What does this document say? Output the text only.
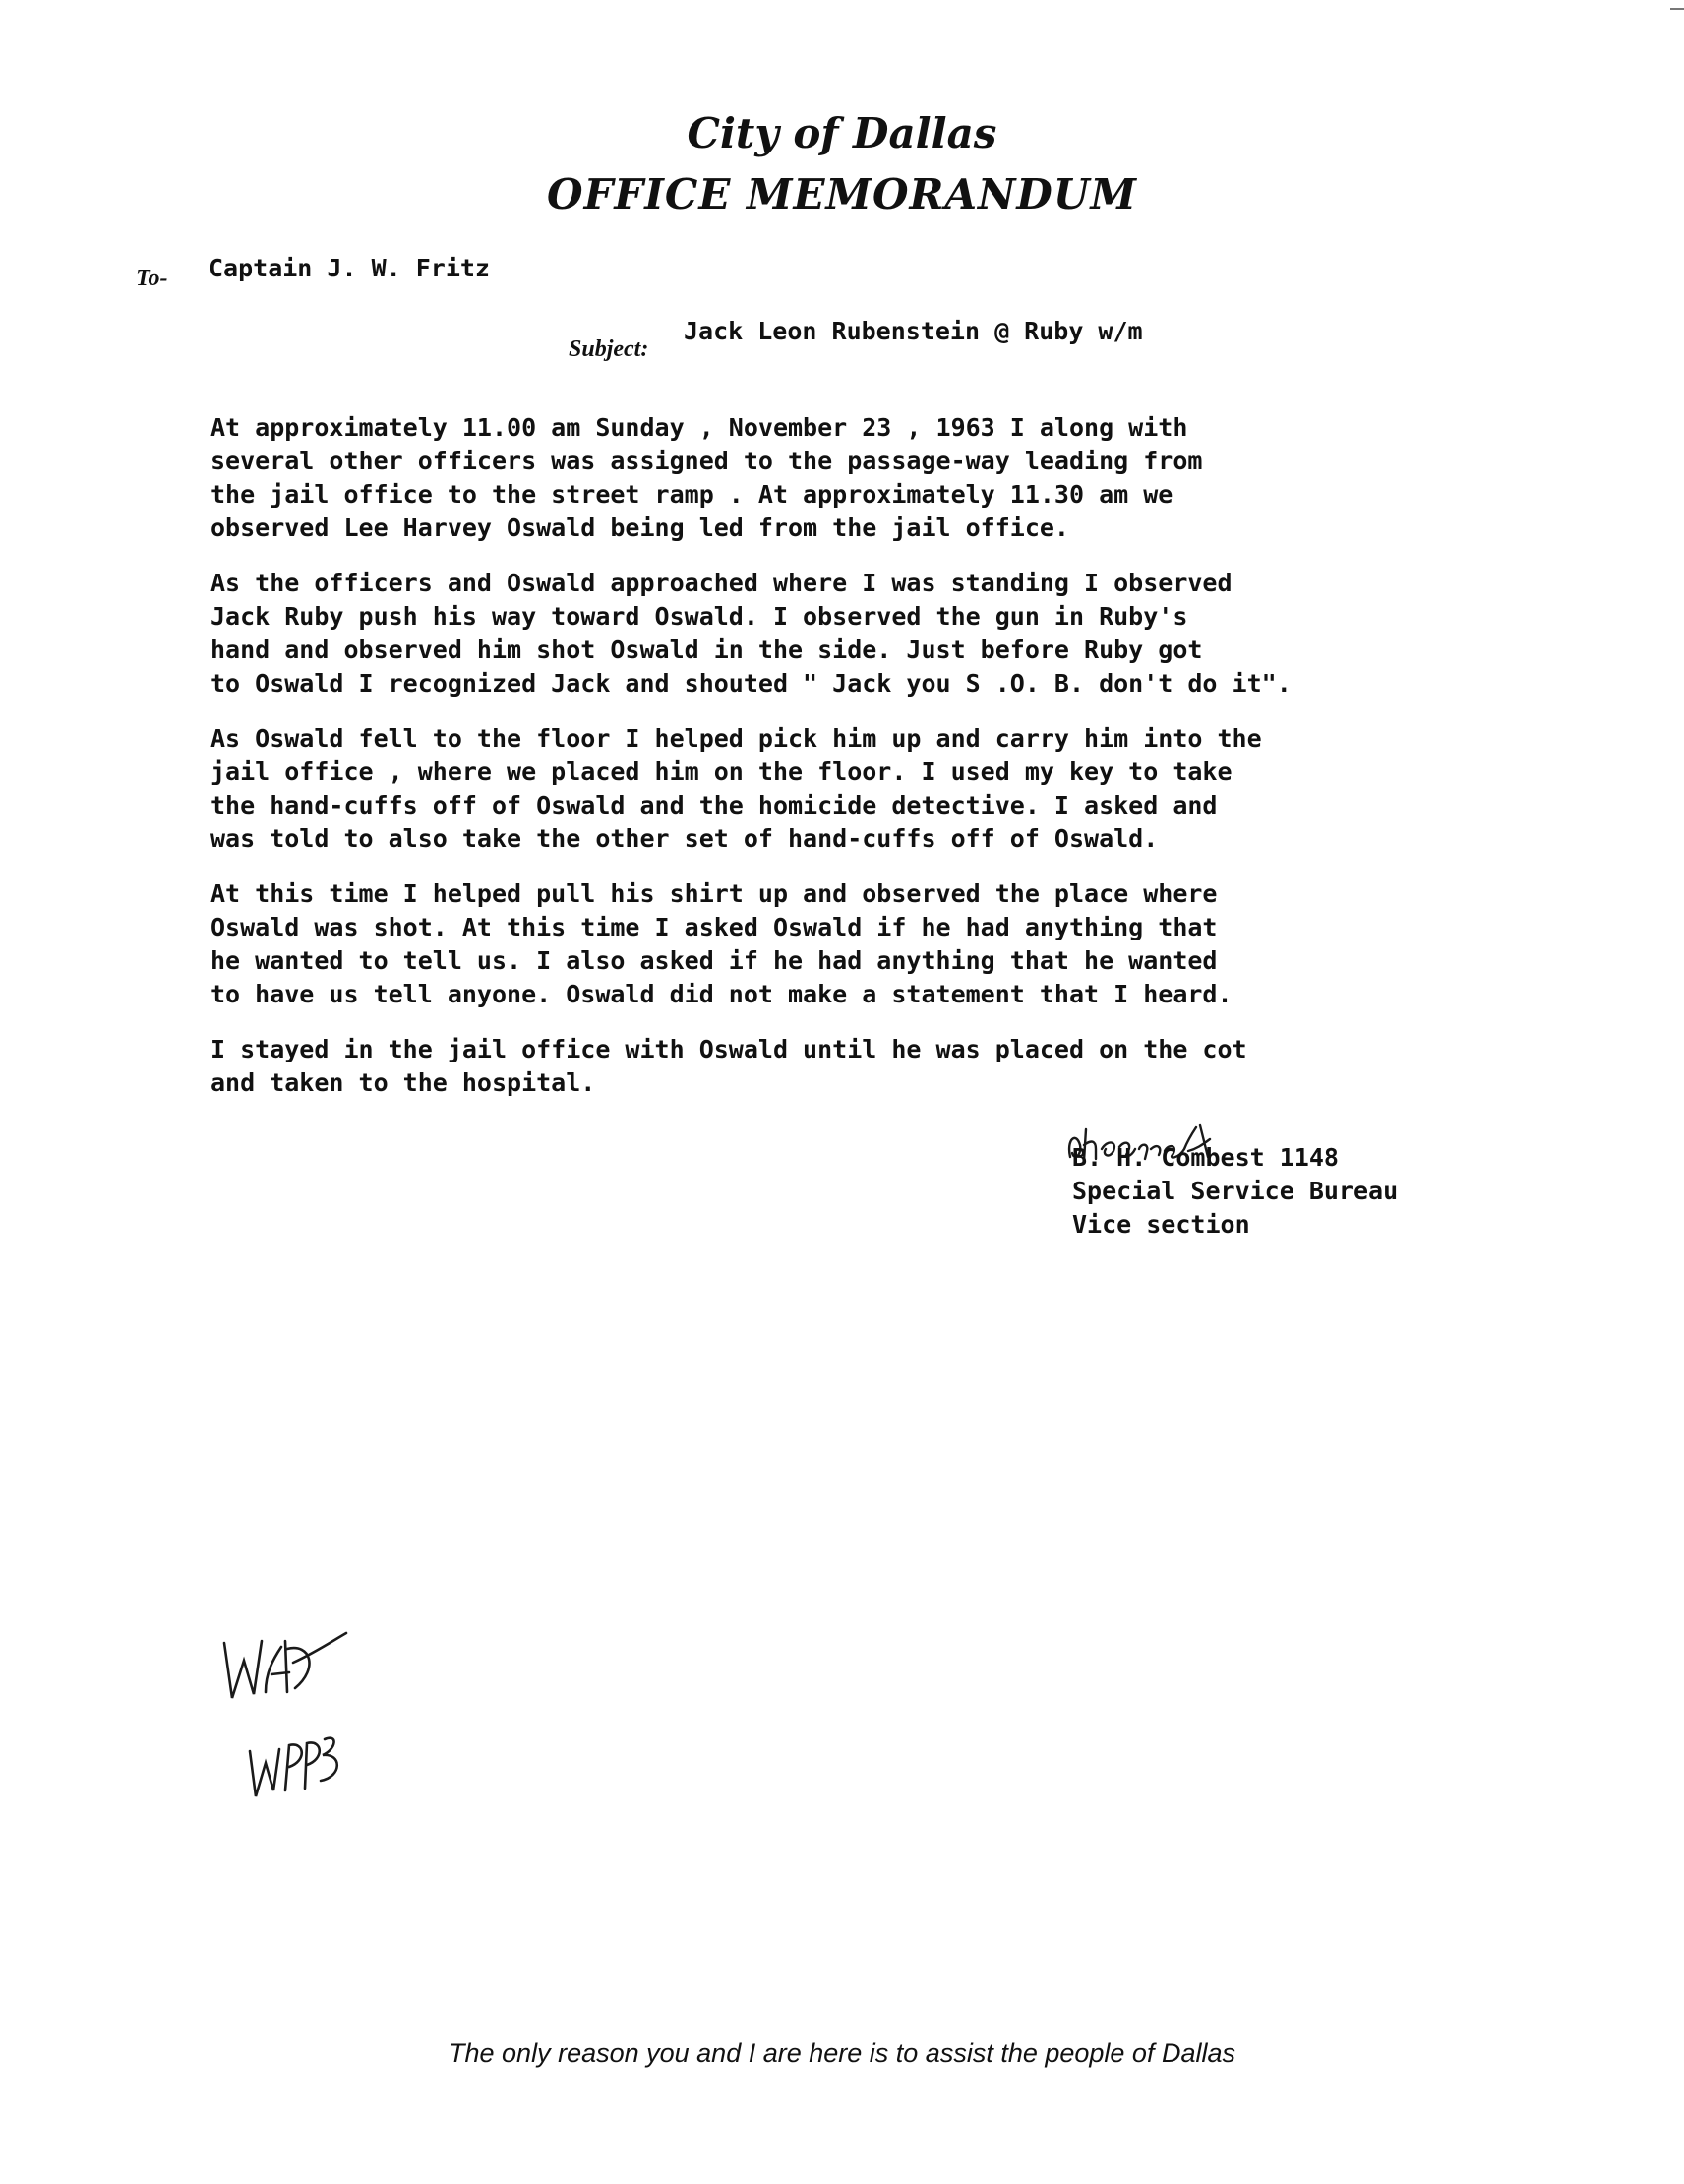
City of Dallas
OFFICE MEMORANDUM
To- Captain J. W. Fritz
Subject:
Jack Leon Rubenstein @ Ruby w/m

At approximately 11.00 am Sunday , November 23 , 1963 I along with
several other officers was assigned to the passage-way leading from
the jail office to the street ramp . At approximately 11.30 am we
observed Lee Harvey Oswald being led from the jail office.

As the officers and Oswald approached where I was standing I observed
Jack Ruby push his way toward Oswald. I observed the gun in Ruby's
hand and observed him shot Oswald in the side. Just before Ruby got
to Oswald I recognized Jack and shouted " Jack you S .O. B. don't do it".

As Oswald fell to the floor I helped pick him up and carry him into the
jail office , where we placed him on the floor. I used my key to take
the hand-cuffs off of Oswald and the homicide detective. I asked and
was told to also take the other set of hand-cuffs off of Oswald.

At this time I helped pull his shirt up and observed the place where
Oswald was shot. At this time I asked Oswald if he had anything that
he wanted to tell us. I also asked if he had anything that he wanted
to have us tell anyone. Oswald did not make a statement that I heard.

I stayed in the jail office with Oswald until he was placed on the cot
and taken to the hospital.

B. H. Combest 1148
Special Service Bureau
Vice section
The only reason you and I are here is to assist the people of Dallas
